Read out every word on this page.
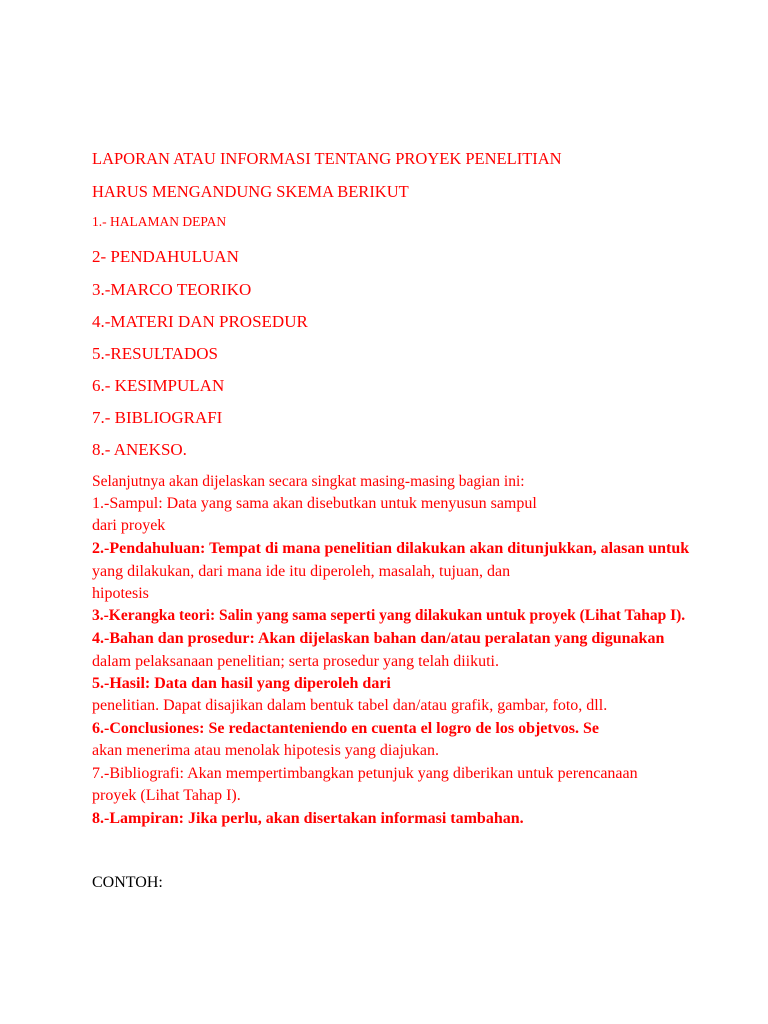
LAPORAN ATAU INFORMASI TENTANG PROYEK PENELITIAN
HARUS MENGANDUNG SKEMA BERIKUT
1.- HALAMAN DEPAN
2- PENDAHULUAN
3.-MARCO TEORIKO
4.-MATERI DAN PROSEDUR
5.-RESULTADOS
6.- KESIMPULAN
7.- BIBLIOGRAFI
8.- ANEKSO.
Selanjutnya akan dijelaskan secara singkat masing-masing bagian ini:
1.-Sampul: Data yang sama akan disebutkan untuk menyusun sampul
dari proyek
2.-Pendahuluan: Tempat di mana penelitian dilakukan akan ditunjukkan, alasan untuk
yang dilakukan, dari mana ide itu diperoleh, masalah, tujuan, dan
hipotesis
3.-Kerangka teori: Salin yang sama seperti yang dilakukan untuk proyek (Lihat Tahap I).
4.-Bahan dan prosedur: Akan dijelaskan bahan dan/atau peralatan yang digunakan
dalam pelaksanaan penelitian; serta prosedur yang telah diikuti.
5.-Hasil: Data dan hasil yang diperoleh dari
penelitian. Dapat disajikan dalam bentuk tabel dan/atau grafik, gambar, foto, dll.
6.-Conclusiones: Se redactanteniendo en cuenta el logro de los objetvos. Se
akan menerima atau menolak hipotesis yang diajukan.
7.-Bibliografi: Akan mempertimbangkan petunjuk yang diberikan untuk perencanaan
proyek (Lihat Tahap I).
8.-Lampiran: Jika perlu, akan disertakan informasi tambahan.
CONTOH:
